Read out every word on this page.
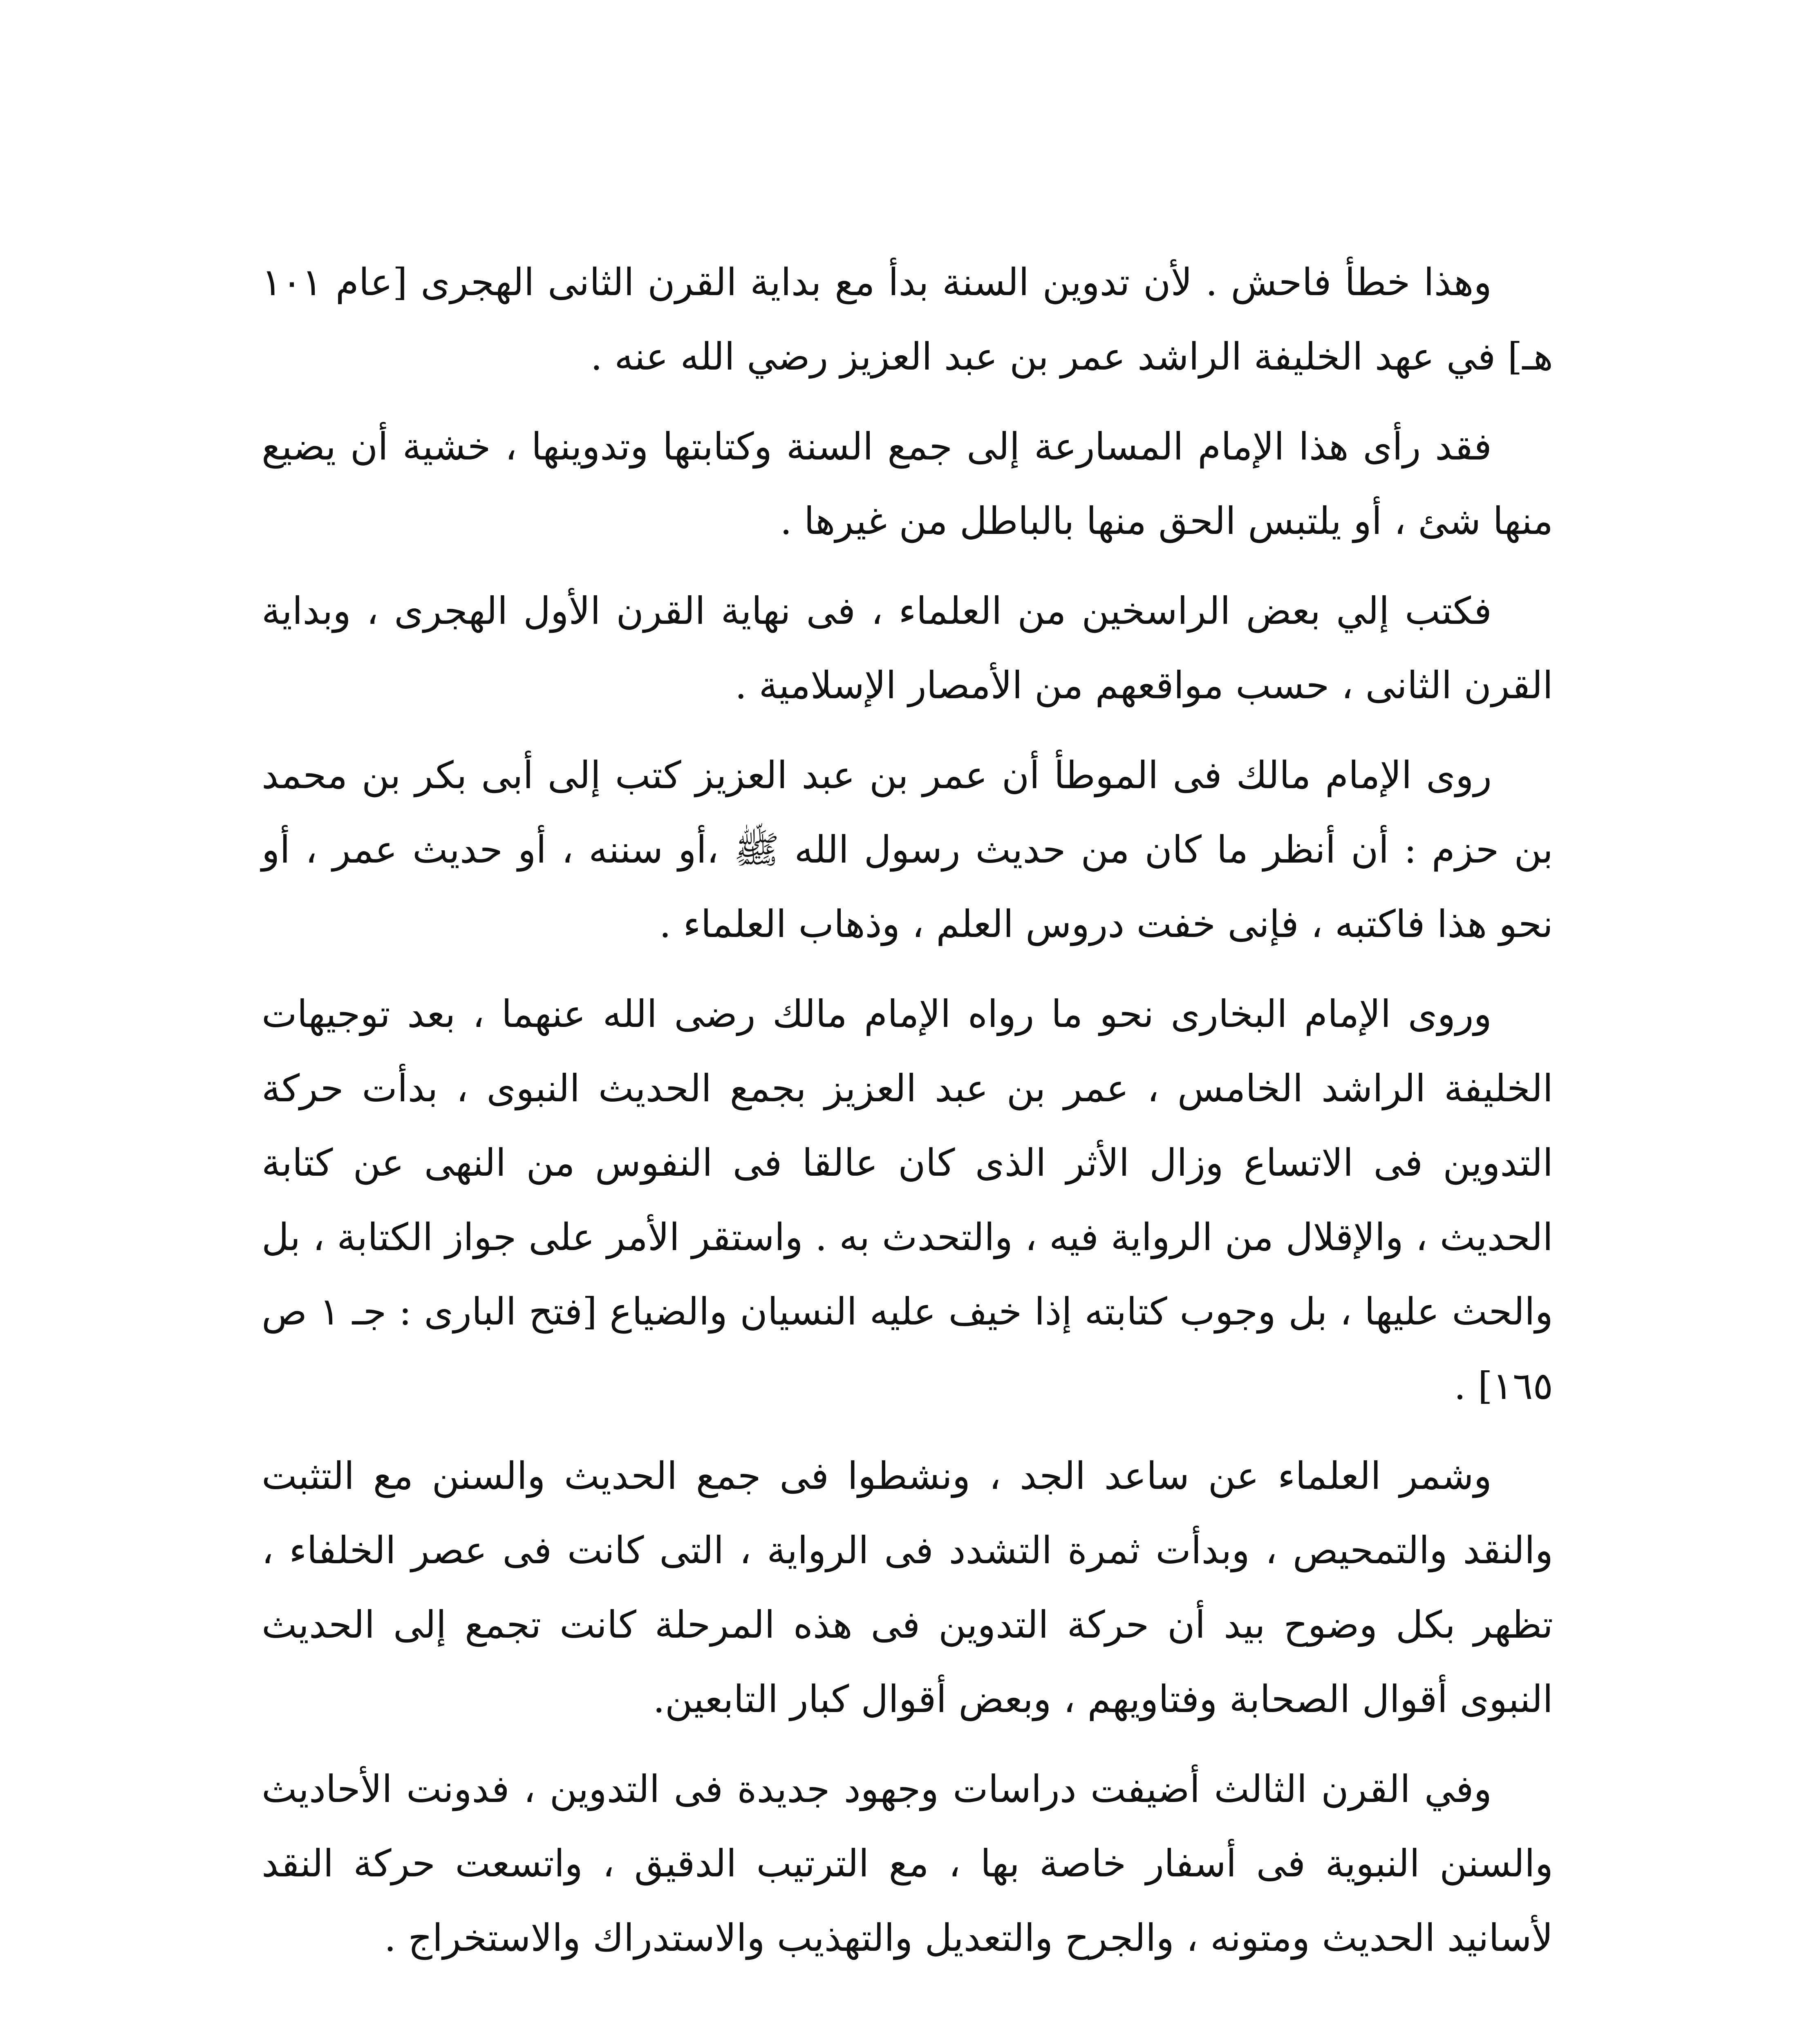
وهذا خطأ فاحش . لأن تدوين السنة بدأ مع بداية القرن الثانى الهجرى [عام ١٠١ هـ] في عهد الخليفة الراشد عمر بن عبد العزيز رضي الله عنه .

فقد رأى هذا الإمام المسارعة إلى جمع السنة وكتابتها وتدوينها ، خشية أن يضيع منها شئ ، أو يلتبس الحق منها بالباطل من غيرها .

فكتب إلي بعض الراسخين من العلماء ، فى نهاية القرن الأول الهجرى ، وبداية القرن الثانى ، حسب مواقعهم من الأمصار الإسلامية .

روى الإمام مالك فى الموطأ أن عمر بن عبد العزيز كتب إلى أبى بكر بن محمد بن حزم : أن أنظر ما كان من حديث رسول الله ﷺ ،أو سننه ، أو حديث عمر ، أو نحو هذا فاكتبه ، فإنى خفت دروس العلم ، وذهاب العلماء .

وروى الإمام البخارى نحو ما رواه الإمام مالك رضى الله عنهما ، بعد توجيهات الخليفة الراشد الخامس ، عمر بن عبد العزيز بجمع الحديث النبوى ، بدأت حركة التدوين فى الاتساع وزال الأثر الذى كان عالقا فى النفوس من النهى عن كتابة الحديث ، والإقلال من الرواية فيه ، والتحدث به . واستقر الأمر على جواز الكتابة ، بل والحث عليها ، بل وجوب كتابته إذا خيف عليه النسيان والضياع [فتح البارى : جـ ١ ص ١٦٥] .

وشمر العلماء عن ساعد الجد ، ونشطوا فى جمع الحديث والسنن مع التثبت والنقد والتمحيص ، وبدأت ثمرة التشدد فى الرواية ، التى كانت فى عصر الخلفاء ، تظهر بكل وضوح بيد أن حركة التدوين فى هذه المرحلة كانت تجمع إلى الحديث النبوى أقوال الصحابة وفتاويهم ، وبعض أقوال كبار التابعين.

وفي القرن الثالث أضيفت دراسات وجهود جديدة فى التدوين ، فدونت الأحاديث والسنن النبوية فى أسفار خاصة بها ، مع الترتيب الدقيق ، واتسعت حركة النقد لأسانيد الحديث ومتونه ، والجرح والتعديل والتهذيب والاستدراك والاستخراج .
